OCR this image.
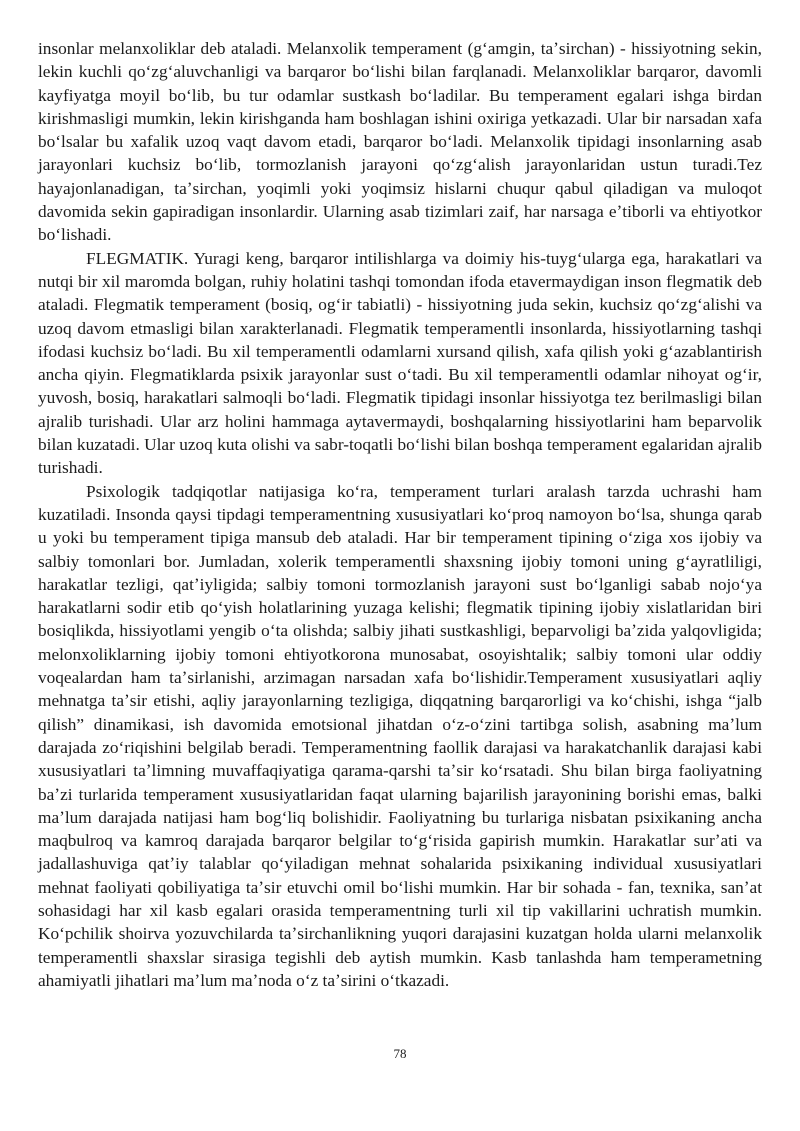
insonlar melanxoliklar deb ataladi. Melanxolik temperament (gʻamgin, taʼsirchan) - hissiyotning sekin, lekin kuchli qoʻzgʻaluvchanligi va barqaror boʻlishi bilan farqlanadi. Melanxoliklar barqaror, davomli kayfiyatga moyil boʻlib, bu tur odamlar sustkash boʻladilar. Bu temperament egalari ishga birdan kirishmasligi mumkin, lekin kirishganda ham boshlagan ishini oxiriga yetkazadi. Ular bir narsadan xafa boʻlsalar bu xafalik uzoq vaqt davom etadi, barqaror boʻladi. Melanxolik tipidagi insonlarning asab jarayonlari kuchsiz boʻlib, tormozlanish jarayoni qoʻzgʻalish jarayonlaridan ustun turadi.Tez hayajonlanadigan, taʼsirchan, yoqimli yoki yoqimsiz hislarni chuqur qabul qiladigan va muloqot davomida sekin gapiradigan insonlardir. Ularning asab tizimlari zaif, har narsaga eʼtiborli va ehtiyotkor boʻlishadi.

FLEGMATIK. Yuragi keng, barqaror intilishlarga va doimiy his-tuygʻularga ega, harakatlari va nutqi bir xil maromda bolgan, ruhiy holatini tashqi tomondan ifoda etavermaydigan inson flegmatik deb ataladi. Flegmatik temperament (bosiq, ogʻir tabiatli) - hissiyotning juda sekin, kuchsiz qoʻzgʻalishi va uzoq davom etmasligi bilan xarakterlanadi. Flegmatik temperamentli insonlarda, hissiyotlarning tashqi ifodasi kuchsiz boʻladi. Bu xil temperamentli odamlarni xursand qilish, xafa qilish yoki gʻazablantirish ancha qiyin. Flegmatiklarda psixik jarayonlar sust oʻtadi. Bu xil temperamentli odamlar nihoyat ogʻir, yuvosh, bosiq, harakatlari salmoqli boʻladi. Flegmatik tipidagi insonlar hissiyotga tez berilmasligi bilan ajralib turishadi. Ular arz holini hammaga aytavermaydi, boshqalarning hissiyotlarini ham beparvolik bilan kuzatadi. Ular uzoq kuta olishi va sabr-toqatli boʻlishi bilan boshqa temperament egalaridan ajralib turishadi.

Psixologik tadqiqotlar natijasiga koʻra, temperament turlari aralash tarzda uchrashi ham kuzatiladi. Insonda qaysi tipdagi temperamentning xususiyatlari koʻproq namoyon boʻlsa, shunga qarab u yoki bu temperament tipiga mansub deb ataladi. Har bir temperament tipining oʻziga xos ijobiy va salbiy tomonlari bor. Jumladan, xolerik temperamentli shaxsning ijobiy tomoni uning gʻayratliligi, harakatlar tezligi, qatʼiyligida; salbiy tomoni tormozlanish jarayoni sust boʻlganligi sabab nojoʻya harakatlarni sodir etib qoʻyish holatlarining yuzaga kelishi; flegmatik tipining ijobiy xislatlaridan biri bosiqlikda, hissiyotlami yengib oʻta olishda; salbiy jihati sustkashligi, beparvoligi baʼzida yalqovligida; melonxoliklarning ijobiy tomoni ehtiyotkorona munosabat, osoyishtalik; salbiy tomoni ular oddiy voqealardan ham taʼsirlanishi, arzimagan narsadan xafa boʻlishidir.Temperament xususiyatlari aqliy mehnatga taʼsir etishi, aqliy jarayonlarning tezligiga, diqqatning barqarorligi va koʻchishi, ishga “jalb qilish” dinamikasi, ish davomida emotsional jihatdan oʻz-oʻzini tartibga solish, asabning maʼlum darajada zoʻriqishini belgilab beradi. Temperamentning faollik darajasi va harakatchanlik darajasi kabi xususiyatlari taʼlimning muvaffaqiyatiga qarama-qarshi taʼsir koʻrsatadi. Shu bilan birga faoliyatning baʼzi turlarida temperament xususiyatlaridan faqat ularning bajarilish jarayonining borishi emas, balki maʼlum darajada natijasi ham bogʻliq bolishidir. Faoliyatning bu turlariga nisbatan psixikaning ancha maqbulroq va kamroq darajada barqaror belgilar toʻgʻrisida gapirish mumkin. Harakatlar surʼati va jadallashuviga qatʼiy talablar qoʻyiladigan mehnat sohalarida psixikaning individual xususiyatlari mehnat faoliyati qobiliyatiga taʼsir etuvchi omil boʻlishi mumkin. Har bir sohada - fan, texnika, sanʼat sohasidagi har xil kasb egalari orasida temperamentning turli xil tip vakillarini uchratish mumkin. Koʻpchilik shoirva yozuvchilarda taʼsirchanlikning yuqori darajasini kuzatgan holda ularni melanxolik temperamentli shaxslar sirasiga tegishli deb aytish mumkin. Kasb tanlashda ham temperametning ahamiyatli jihatlari maʼlum maʼnoda oʻz taʼsirini oʻtkazadi.

78
